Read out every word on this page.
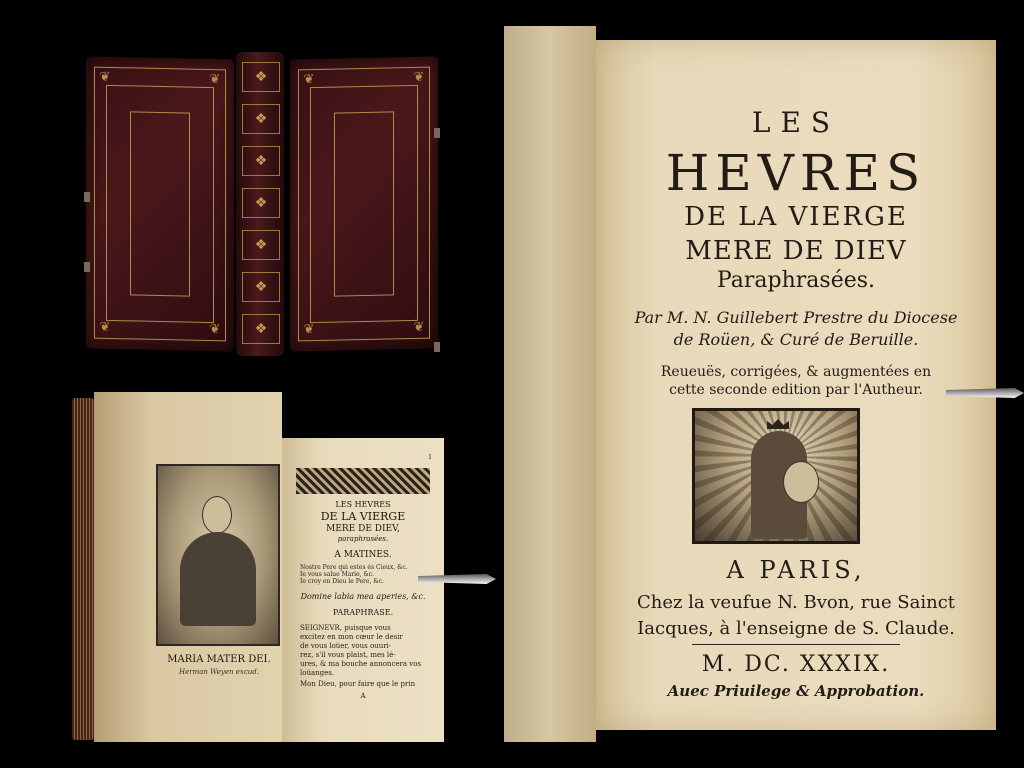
❦	❦
❦	❦
❖
❖
❖
❖
❖
❖
❖
❦	❦
❦	❦
MARIA MATER DEI.
Herman Weyen excud.
1
LES HEVRES
DE LA VIERGE
MERE DE DIEV,
paraphrasées.
A MATINES.
Nostre Pere qui estes és Cieux, &c.
Ie vous salue Marie, &c.
Ie croy en Dieu le Pere, &c.
Domine labia mea aperies, &c.
PARAPHRASE.
SEIGNEVR, puisque vous
excitez en mon cœur le desir
de vous loüer, vous ouuri-
rez, s'il vous plaist, mes lé-
ures, & ma bouche annoncera vos
loüanges.
Mon Dieu, pour faire que le prin
A
LES
HEVRES
DE LA VIERGE
MERE DE DIEV
Paraphrasées.
Par M. N. Guillebert Prestre du Diocese
de Roüen, & Curé de Beruille.
Reueuës, corrigées, & augmentées en
cette seconde edition par l'Autheur.
A PARIS,
Chez la veufue N. Bvon, rue Sainct
Iacques, à l'enseigne de S. Claude.
M. DC. XXXIX.
Auec Priuilege & Approbation.
